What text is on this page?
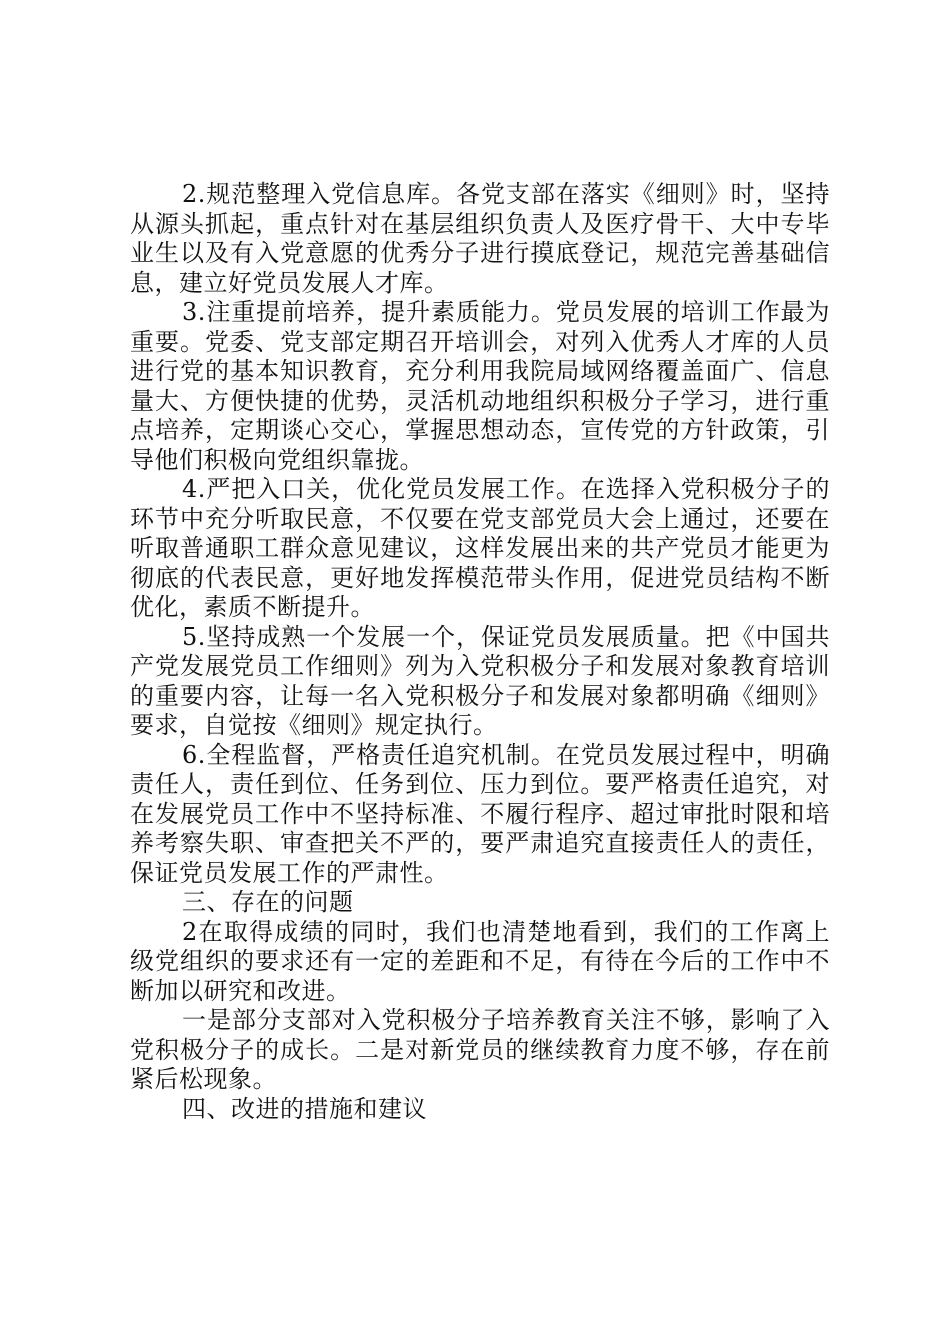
2.规范整理入党信息库。各党支部在落实《细则》时，坚持从源头抓起，重点针对在基层组织负责人及医疗骨干、大中专毕业生以及有入党意愿的优秀分子进行摸底登记，规范完善基础信息，建立好党员发展人才库。

3.注重提前培养，提升素质能力。党员发展的培训工作最为重要。党委、党支部定期召开培训会，对列入优秀人才库的人员进行党的基本知识教育，充分利用我院局域网络覆盖面广、信息量大、方便快捷的优势，灵活机动地组织积极分子学习，进行重点培养，定期谈心交心，掌握思想动态，宣传党的方针政策，引导他们积极向党组织靠拢。

4.严把入口关，优化党员发展工作。在选择入党积极分子的环节中充分听取民意，不仅要在党支部党员大会上通过，还要在听取普通职工群众意见建议，这样发展出来的共产党员才能更为彻底的代表民意，更好地发挥模范带头作用，促进党员结构不断优化，素质不断提升。

5.坚持成熟一个发展一个，保证党员发展质量。把《中国共产党发展党员工作细则》列为入党积极分子和发展对象教育培训的重要内容，让每一名入党积极分子和发展对象都明确《细则》要求，自觉按《细则》规定执行。

6.全程监督，严格责任追究机制。在党员发展过程中，明确责任人，责任到位、任务到位、压力到位。要严格责任追究，对在发展党员工作中不坚持标准、不履行程序、超过审批时限和培养考察失职、审查把关不严的，要严肃追究直接责任人的责任，保证党员发展工作的严肃性。

三、存在的问题

2在取得成绩的同时，我们也清楚地看到，我们的工作离上级党组织的要求还有一定的差距和不足，有待在今后的工作中不断加以研究和改进。

一是部分支部对入党积极分子培养教育关注不够，影响了入党积极分子的成长。二是对新党员的继续教育力度不够，存在前紧后松现象。

四、改进的措施和建议
